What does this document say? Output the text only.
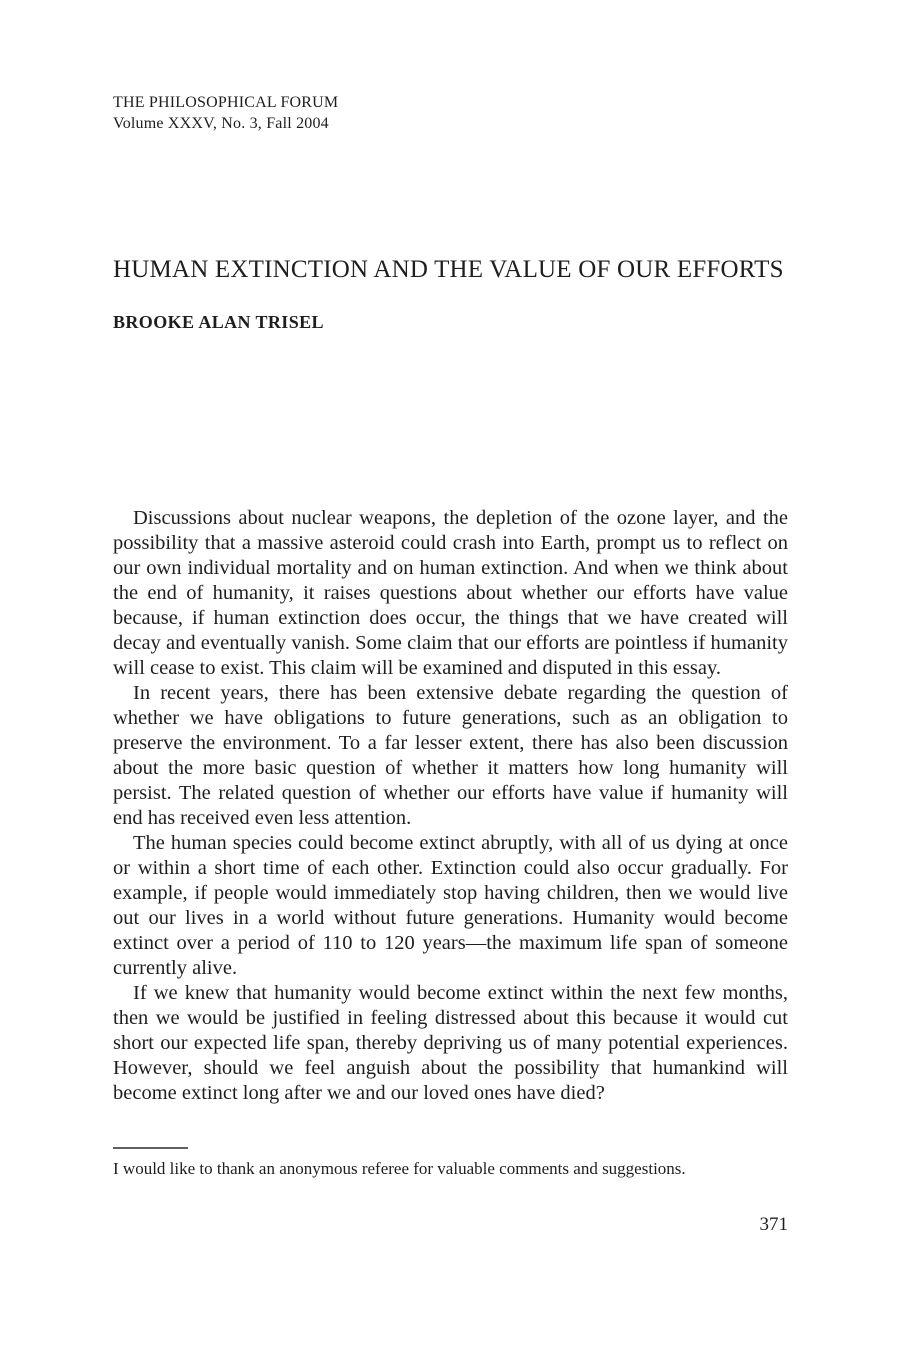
THE PHILOSOPHICAL FORUM
Volume XXXV, No. 3, Fall 2004
HUMAN EXTINCTION AND THE VALUE OF OUR EFFORTS
BROOKE ALAN TRISEL

Discussions about nuclear weapons, the depletion of the ozone layer, and the possibility that a massive asteroid could crash into Earth, prompt us to reflect on our own individual mortality and on human extinction. And when we think about the end of humanity, it raises questions about whether our efforts have value because, if human extinction does occur, the things that we have created will decay and eventually vanish. Some claim that our efforts are pointless if humanity will cease to exist. This claim will be examined and disputed in this essay.

In recent years, there has been extensive debate regarding the question of whether we have obligations to future generations, such as an obligation to preserve the environment. To a far lesser extent, there has also been discussion about the more basic question of whether it matters how long humanity will persist. The related question of whether our efforts have value if humanity will end has received even less attention.

The human species could become extinct abruptly, with all of us dying at once or within a short time of each other. Extinction could also occur gradually. For example, if people would immediately stop having children, then we would live out our lives in a world without future generations. Humanity would become extinct over a period of 110 to 120 years—the maximum life span of someone currently alive.

If we knew that humanity would become extinct within the next few months, then we would be justified in feeling distressed about this because it would cut short our expected life span, thereby depriving us of many potential experiences. However, should we feel anguish about the possibility that humankind will become extinct long after we and our loved ones have died?

I would like to thank an anonymous referee for valuable comments and suggestions.
371
